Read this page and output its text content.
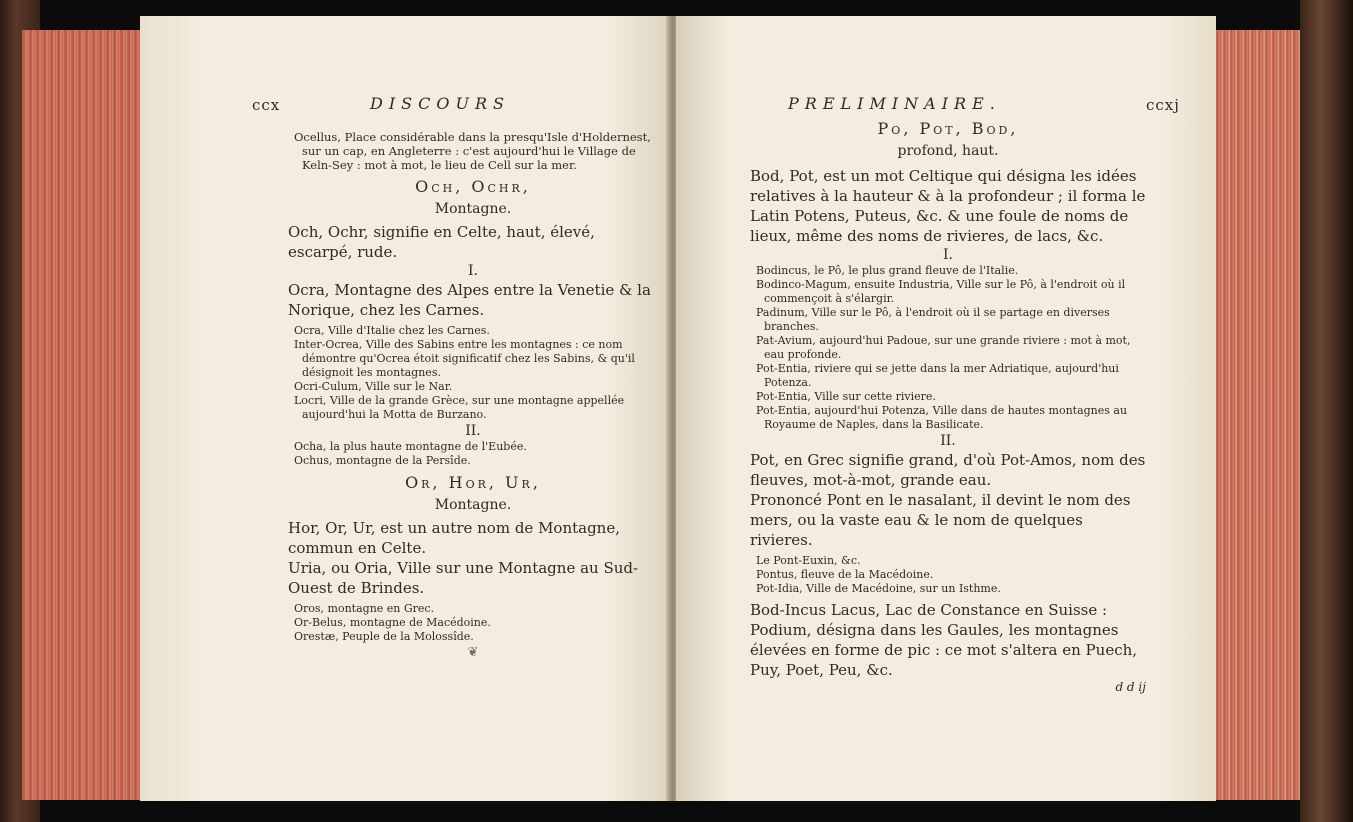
ccx	DISCOURS

Ocellus, Place considérable dans la presqu'Isle d'Holdernest, sur un cap, en Angleterre : c'est aujourd'hui le Village de Keln-Sey : mot à mot, le lieu de Cell sur la mer.

Och, Ochr,

Montagne.

Och, Ochr, signifie en Celte, haut, élevé, escarpé, rude.

I.

Ocra, Montagne des Alpes entre la Venetie & la Norique, chez les Carnes.

Ocra, Ville d'Italie chez les Carnes.

Inter-Ocrea, Ville des Sabins entre les montagnes : ce nom démontre qu'Ocrea étoit significatif chez les Sabins, & qu'il désignoit les montagnes.

Ocri-Culum, Ville sur le Nar.

Locri, Ville de la grande Grèce, sur une montagne appellée aujourd'hui la Motta de Burzano.

II.

Ocha, la plus haute montagne de l'Eubée.

Ochus, montagne de la Persîde.

Or, Hor, Ur,

Montagne.

Hor, Or, Ur, est un autre nom de Montagne, commun en Celte.

Uria, ou Oria, Ville sur une Montagne au Sud-Ouest de Brindes.

Oros, montagne en Grec.

Or-Belus, montagne de Macédoine.

Orestæ, Peuple de la Molossîde.

❦

PRELIMINAIRE.	ccxj

Po, Pot, Bod,

profond, haut.

Bod, Pot, est un mot Celtique qui désigna les idées relatives à la hauteur & à la profondeur ; il forma le Latin Potens, Puteus, &c. & une foule de noms de lieux, même des noms de rivieres, de lacs, &c.

I.

Bodincus, le Pô, le plus grand fleuve de l'Italie.

Bodinco-Magum, ensuite Industria, Ville sur le Pô, à l'endroit où il commençoit à s'élargir.

Padinum, Ville sur le Pô, à l'endroit où il se partage en diverses branches.

Pat-Avium, aujourd'hui Padoue, sur une grande riviere : mot à mot, eau profonde.

Pot-Entia, riviere qui se jette dans la mer Adriatique, aujourd'hui Potenza.

Pot-Entia, Ville sur cette riviere.

Pot-Entia, aujourd'hui Potenza, Ville dans de hautes montagnes au Royaume de Naples, dans la Basilicate.

II.

Pot, en Grec signifie grand, d'où Pot-Amos, nom des fleuves, mot-à-mot, grande eau.

Prononcé Pont en le nasalant, il devint le nom des mers, ou la vaste eau & le nom de quelques rivieres.

Le Pont-Euxin, &c.

Pontus, fleuve de la Macédoine.

Pot-Idia, Ville de Macédoine, sur un Isthme.

Bod-Incus Lacus, Lac de Constance en Suisse :

Podium, désigna dans les Gaules, les montagnes élevées en forme de pic : ce mot s'altera en Puech, Puy, Poet, Peu, &c.

d d ij
